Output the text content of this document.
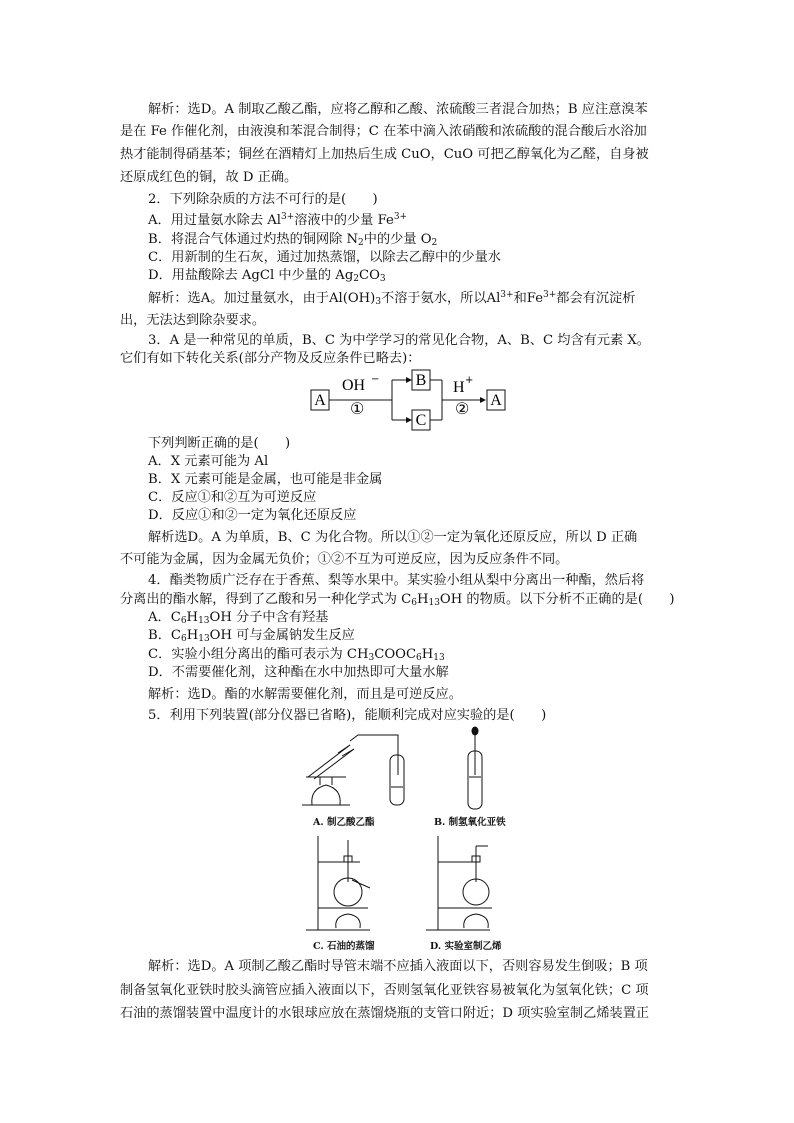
解析：选D。A 制取乙酸乙酯，应将乙醇和乙酸、浓硫酸三者混合加热；B 应注意溴苯
是在 Fe 作催化剂，由液溴和苯混合制得；C 在苯中滴入浓硝酸和浓硫酸的混合酸后水浴加
热才能制得硝基苯；铜丝在酒精灯上加热后生成 CuO，CuO 可把乙醇氧化为乙醛，自身被
还原成红色的铜，故 D 正确。
2．下列除杂质的方法不可行的是(　　)
A．用过量氨水除去 $Al^{3+}$溶液中的少量 $Fe^{3+}$
B．将混合气体通过灼热的铜网除 $N_2$中的少量 $O_2$
C．用新制的生石灰，通过加热蒸馏，以除去乙醇中的少量水
D．用盐酸除去 AgCl 中少量的 $Ag_2CO_3$
解析：选A。加过量氨水，由于$Al(OH)_3$不溶于氨水，所以$Al^{3+}$和$Fe^{3+}$都会有沉淀析
出，无法达到除杂要求。
3．A 是一种常见的单质，B、C 为中学学习的常见化合物，A、B、C 均含有元素 X。
它们有如下转化关系(部分产物及反应条件已略去)：
A
OH −
①
B
C
H +
②
A
下列判断正确的是(　　)
A．X 元素可能为 Al
B．X 元素可能是金属，也可能是非金属
C．反应①和②互为可逆反应
D．反应①和②一定为氧化还原反应
解析选D。A 为单质，B、C 为化合物。所以①②一定为氧化还原反应，所以 D 正确
不可能为金属，因为金属无负价；①②不互为可逆反应，因为反应条件不同。
4．酯类物质广泛存在于香蕉、梨等水果中。某实验小组从梨中分离出一种酯，然后将
分离出的酯水解，得到了乙酸和另一种化学式为 $C_6H_{13}OH$ 的物质。以下分析不正确的是(　　)
A．$C_6H_{13}OH$ 分子中含有羟基
B．$C_6H_{13}OH$ 可与金属钠发生反应
C．实验小组分离出的酯可表示为 $CH_3COOC_6H_{13}$
D．不需要催化剂，这种酯在水中加热即可大量水解
解析：选D。酯的水解需要催化剂，而且是可逆反应。
5．利用下列装置(部分仪器已省略)，能顺利完成对应实验的是(　　)
A. 制乙酸乙酯	B. 制氢氧化亚铁
C. 石油的蒸馏	D. 实验室制乙烯
解析：选D。A 项制乙酸乙酯时导管末端不应插入液面以下，否则容易发生倒吸；B 项
制备氢氧化亚铁时胶头滴管应插入液面以下，否则氢氧化亚铁容易被氧化为氢氧化铁；C 项
石油的蒸馏装置中温度计的水银球应放在蒸馏烧瓶的支管口附近；D 项实验室制乙烯装置正
